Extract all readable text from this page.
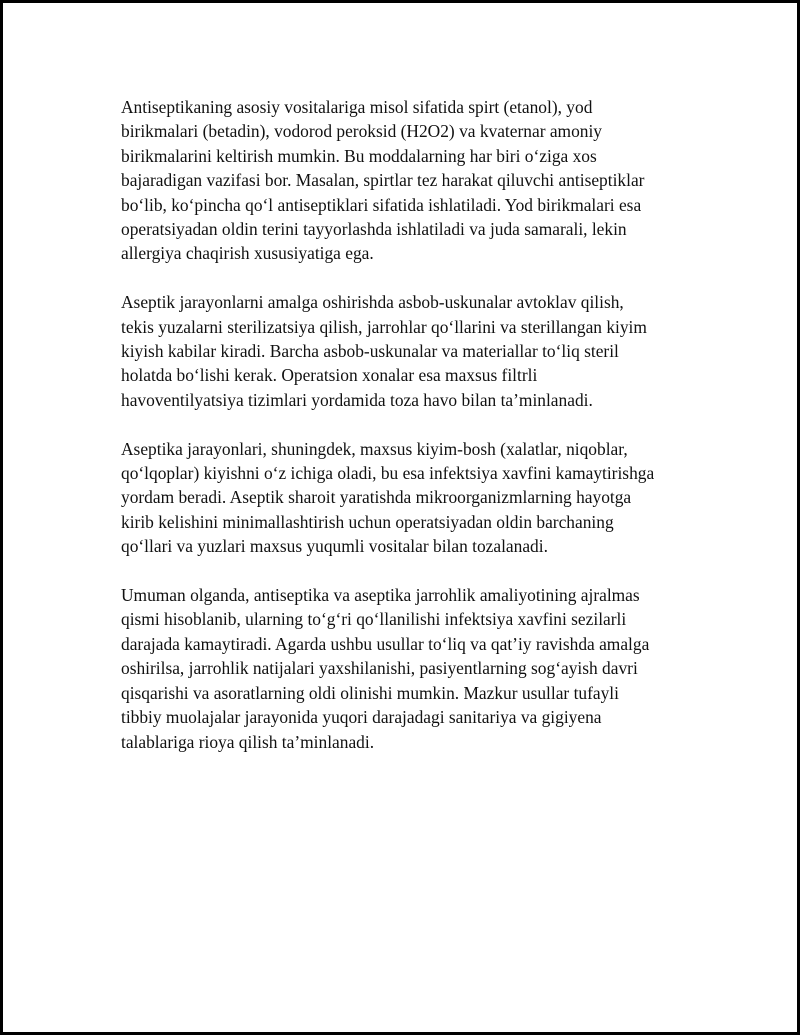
Antiseptikaning asosiy vositalariga misol sifatida spirt (etanol), yod
birikmalari (betadin), vodorod peroksid (H2O2) va kvaternar amoniy
birikmalarini keltirish mumkin. Bu moddalarning har biri o‘ziga xos
bajaradigan vazifasi bor. Masalan, spirtlar tez harakat qiluvchi antiseptiklar
bo‘lib, ko‘pincha qo‘l antiseptiklari sifatida ishlatiladi. Yod birikmalari esa
operatsiyadan oldin terini tayyorlashda ishlatiladi va juda samarali, lekin
allergiya chaqirish xususiyatiga ega.

Aseptik jarayonlarni amalga oshirishda asbob-uskunalar avtoklav qilish,
tekis yuzalarni sterilizatsiya qilish, jarrohlar qo‘llarini va sterillangan kiyim
kiyish kabilar kiradi. Barcha asbob-uskunalar va materiallar to‘liq steril
holatda bo‘lishi kerak. Operatsion xonalar esa maxsus filtrli
havoventilyatsiya tizimlari yordamida toza havo bilan ta’minlanadi.

Aseptika jarayonlari, shuningdek, maxsus kiyim-bosh (xalatlar, niqoblar,
qo‘lqoplar) kiyishni o‘z ichiga oladi, bu esa infektsiya xavfini kamaytirishga
yordam beradi. Aseptik sharoit yaratishda mikroorganizmlarning hayotga
kirib kelishini minimallashtirish uchun operatsiyadan oldin barchaning
qo‘llari va yuzlari maxsus yuqumli vositalar bilan tozalanadi.

Umuman olganda, antiseptika va aseptika jarrohlik amaliyotining ajralmas
qismi hisoblanib, ularning to‘g‘ri qo‘llanilishi infektsiya xavfini sezilarli
darajada kamaytiradi. Agarda ushbu usullar to‘liq va qat’iy ravishda amalga
oshirilsa, jarrohlik natijalari yaxshilanishi, pasiyentlarning sog‘ayish davri
qisqarishi va asoratlarning oldi olinishi mumkin. Mazkur usullar tufayli
tibbiy muolajalar jarayonida yuqori darajadagi sanitariya va gigiyena
talablariga rioya qilish ta’minlanadi.
